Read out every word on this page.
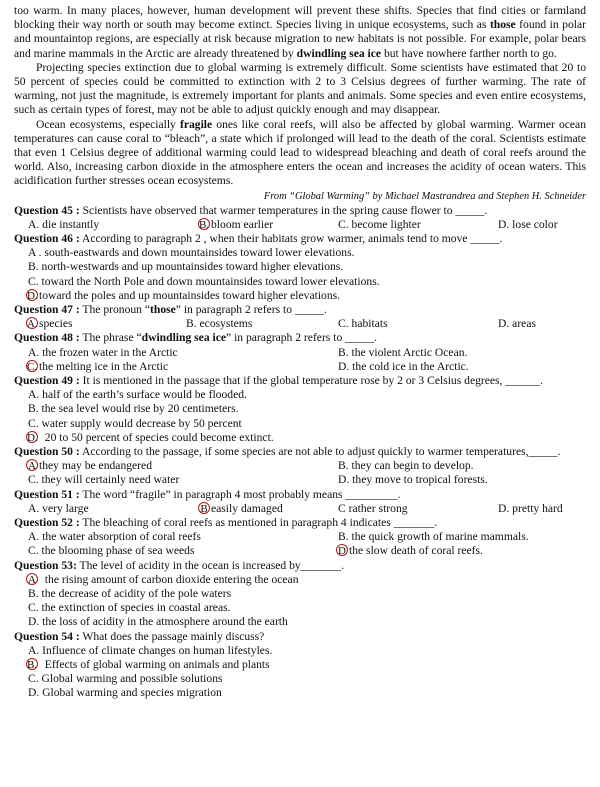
too warm. In many places, however, human development will prevent these shifts. Species that find cities or farmland blocking their way north or south may become extinct. Species living in unique ecosystems, such as those found in polar and mountaintop regions, are especially at risk because migration to new habitats is not possible. For example, polar bears and marine mammals in the Arctic are already threatened by dwindling sea ice but have nowhere farther north to go.

Projecting species extinction due to global warming is extremely difficult. Some scientists have estimated that 20 to 50 percent of species could be committed to extinction with 2 to 3 Celsius degrees of further warming. The rate of warming, not just the magnitude, is extremely important for plants and animals. Some species and even entire ecosystems, such as certain types of forest, may not be able to adjust quickly enough and may disappear.

Ocean ecosystems, especially fragile ones like coral reefs, will also be affected by global warming. Warmer ocean temperatures can cause coral to “bleach”, a state which if prolonged will lead to the death of the coral. Scientists estimate that even 1 Celsius degree of additional warming could lead to widespread bleaching and death of coral reefs around the world. Also, increasing carbon dioxide in the atmosphere enters the ocean and increases the acidity of ocean waters. This acidification further stresses ocean ecosystems.

From “Global Warming” by Michael Mastrandrea and Stephen H. Schneider

Question 45 : Scientists have observed that warmer temperatures in the spring cause flower to _____.
A. die instantly	B. bloom earlier	C. become lighter	D. lose color
Question 46 : According to paragraph 2 , when their habitats grow warmer, animals tend to move _____.
A . south-eastwards and down mountainsides toward lower elevations.
B. north-westwards and up mountainsides toward higher elevations.
C. toward the North Pole and down mountainsides toward lower elevations.
D.toward the poles and up mountainsides toward higher elevations.
Question 47 : The pronoun “those” in paragraph 2 refers to _____.
A.species	B. ecosystems	C. habitats	D. areas
Question 48 : The phrase “dwindling sea ice” in paragraph 2 refers to _____.
A. the frozen water in the Arctic	B. the violent Arctic Ocean.
C. the melting ice in the Arctic	D. the cold ice in the Arctic.
Question 49 : It is mentioned in the passage that if the global temperature rose by 2 or 3 Celsius degrees, ______.
A. half of the earth’s surface would be flooded.
B. the sea level would rise by 20 centimeters.
C. water supply would decrease by 50 percent
D. 20 to 50 percent of species could become extinct.
Question 50 : According to the passage, if some species are not able to adjust quickly to warmer temperatures,_____.
A they may be endangered	B. they can begin to develop.
C. they will certainly need water	D. they move to tropical forests.
Question 51 : The word “fragile” in paragraph 4 most probably means _________.
A. very large	B easily damaged	C rather strong	D. pretty hard
Question 52 : The bleaching of coral reefs as mentioned in paragraph 4 indicates _______.
A. the water absorption of coral reefs	B. the quick growth of marine mammals.
C. the blooming phase of sea weeds	D the slow death of coral reefs.
Question 53: The level of acidity in the ocean is increased by_______.
A the rising amount of carbon dioxide entering the ocean
B. the decrease of acidity of the pole waters
C. the extinction of species in coastal areas.
D. the loss of acidity in the atmosphere around the earth
Question 54 : What does the passage mainly discuss?
A. Influence of climate changes on human lifestyles.
B. Effects of global warming on animals and plants
C. Global warming and possible solutions
D. Global warming and species migration
